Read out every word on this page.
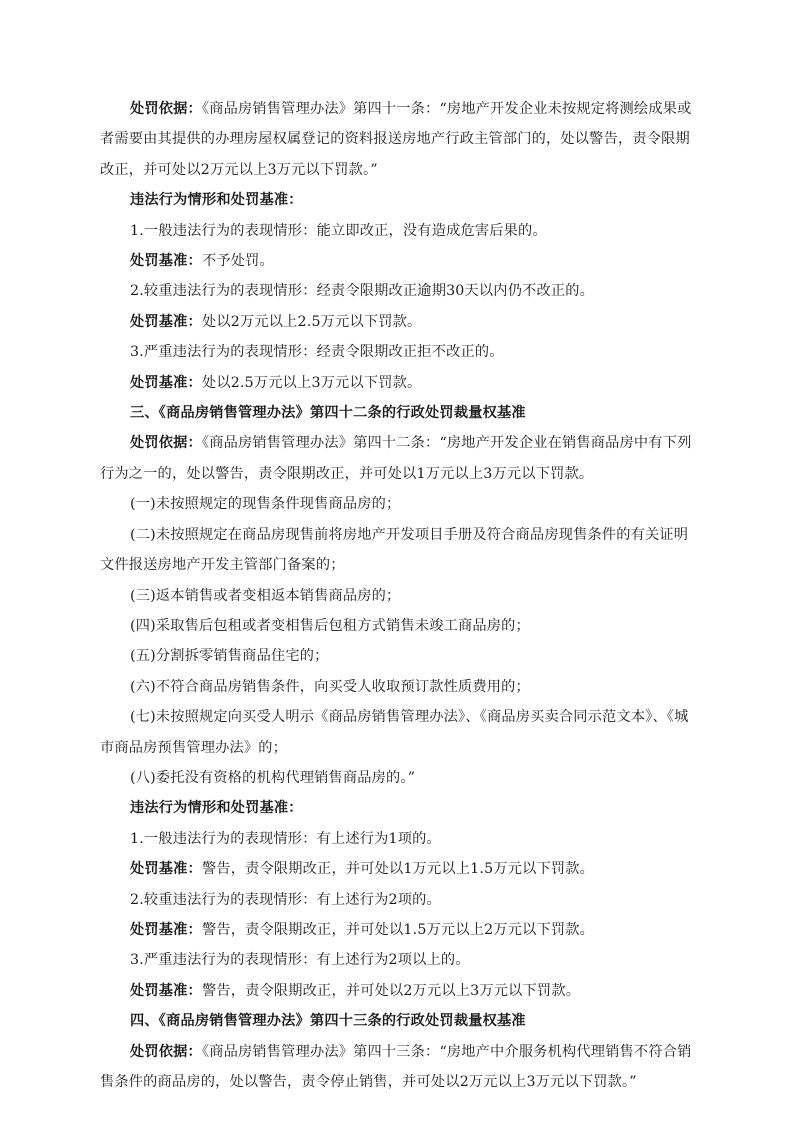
处罚依据：《商品房销售管理办法》第四十一条：“房地产开发企业未按规定将测绘成果或者需要由其提供的办理房屋权属登记的资料报送房地产行政主管部门的，处以警告，责令限期改正，并可处以2万元以上3万元以下罚款。”

违法行为情形和处罚基准：

1.一般违法行为的表现情形：能立即改正，没有造成危害后果的。

处罚基准：不予处罚。

2.较重违法行为的表现情形：经责令限期改正逾期30天以内仍不改正的。

处罚基准：处以2万元以上2.5万元以下罚款。

3.严重违法行为的表现情形：经责令限期改正拒不改正的。

处罚基准：处以2.5万元以上3万元以下罚款。

三、《商品房销售管理办法》第四十二条的行政处罚裁量权基准

处罚依据：《商品房销售管理办法》第四十二条：“房地产开发企业在销售商品房中有下列行为之一的，处以警告，责令限期改正，并可处以1万元以上3万元以下罚款。

(一)未按照规定的现售条件现售商品房的；

(二)未按照规定在商品房现售前将房地产开发项目手册及符合商品房现售条件的有关证明文件报送房地产开发主管部门备案的；

(三)返本销售或者变相返本销售商品房的；

(四)采取售后包租或者变相售后包租方式销售未竣工商品房的；

(五)分割拆零销售商品住宅的；

(六)不符合商品房销售条件，向买受人收取预订款性质费用的；

(七)未按照规定向买受人明示《商品房销售管理办法》、《商品房买卖合同示范文本》、《城市商品房预售管理办法》的；

(八)委托没有资格的机构代理销售商品房的。”

违法行为情形和处罚基准：

1.一般违法行为的表现情形：有上述行为1项的。

处罚基准：警告，责令限期改正，并可处以1万元以上1.5万元以下罚款。

2.较重违法行为的表现情形：有上述行为2项的。

处罚基准：警告，责令限期改正，并可处以1.5万元以上2万元以下罚款。

3.严重违法行为的表现情形：有上述行为2项以上的。

处罚基准：警告，责令限期改正，并可处以2万元以上3万元以下罚款。

四、《商品房销售管理办法》第四十三条的行政处罚裁量权基准

处罚依据：《商品房销售管理办法》第四十三条：“房地产中介服务机构代理销售不符合销售条件的商品房的，处以警告，责令停止销售，并可处以2万元以上3万元以下罚款。”
